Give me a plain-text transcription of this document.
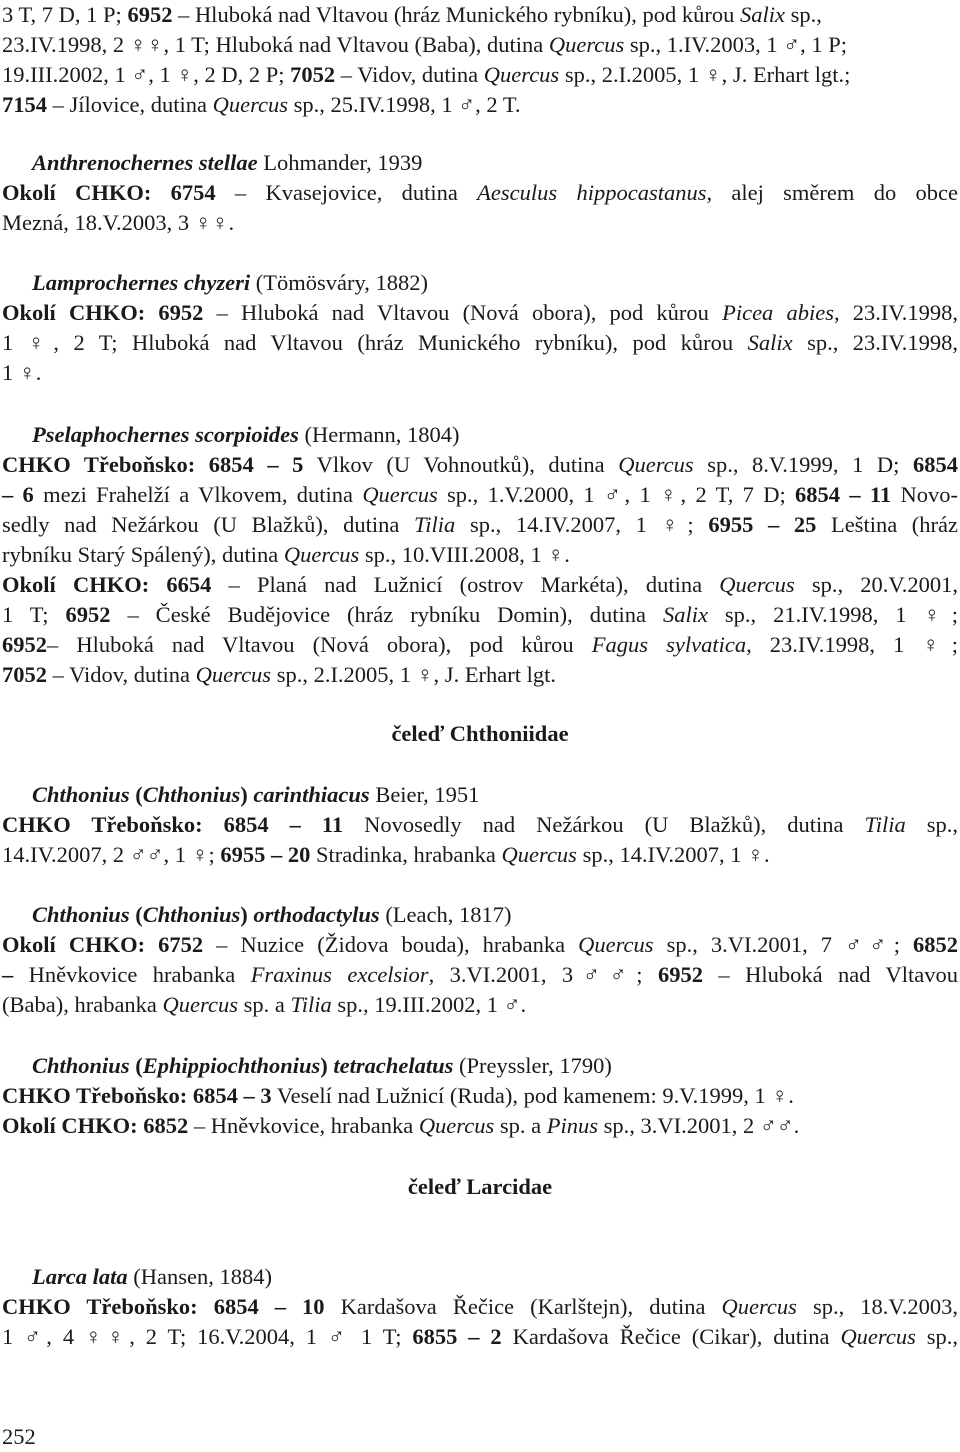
3 T, 7 D, 1 P; 6952 – Hluboká nad Vltavou (hráz Munického rybníku), pod kůrou Salix sp.,
23.IV.1998, 2 ♀♀, 1 T; Hluboká nad Vltavou (Baba), dutina Quercus sp., 1.IV.2003, 1 ♂, 1 P;
19.III.2002, 1 ♂, 1 ♀, 2 D, 2 P; 7052 – Vidov, dutina Quercus sp., 2.I.2005, 1 ♀, J. Erhart lgt.;
7154 – Jílovice, dutina Quercus sp., 25.IV.1998, 1 ♂, 2 T.
Anthrenochernes stellae Lohmander, 1939
Okolí CHKO: 6754 – Kvasejovice, dutina Aesculus hippocastanus, alej směrem do obce
Mezná, 18.V.2003, 3 ♀♀.
Lamprochernes chyzeri (Tömösváry, 1882)
Okolí CHKO: 6952 – Hluboká nad Vltavou (Nová obora), pod kůrou Picea abies, 23.IV.1998,
1 ♀, 2 T; Hluboká nad Vltavou (hráz Munického rybníku), pod kůrou Salix sp., 23.IV.1998,
1 ♀.
Pselaphochernes scorpioides (Hermann, 1804)
CHKO Třeboňsko: 6854 – 5 Vlkov (U Vohnoutků), dutina Quercus sp., 8.V.1999, 1 D; 6854
– 6 mezi Frahelží a Vlkovem, dutina Quercus sp., 1.V.2000, 1 ♂, 1 ♀, 2 T, 7 D; 6854 – 11 Novo-
sedly nad Nežárkou (U Blažků), dutina Tilia sp., 14.IV.2007, 1 ♀; 6955 – 25 Leština (hráz
rybníku Starý Spálený), dutina Quercus sp., 10.VIII.2008, 1 ♀.
Okolí CHKO: 6654 – Planá nad Lužnicí (ostrov Markéta), dutina Quercus sp., 20.V.2001,
1 T; 6952 – České Budějovice (hráz rybníku Domin), dutina Salix sp., 21.IV.1998, 1 ♀;
6952– Hluboká nad Vltavou (Nová obora), pod kůrou Fagus sylvatica, 23.IV.1998, 1 ♀;
7052 – Vidov, dutina Quercus sp., 2.I.2005, 1 ♀, J. Erhart lgt.
Chthonius (Chthonius) carinthiacus Beier, 1951
CHKO Třeboňsko: 6854 – 11 Novosedly nad Nežárkou (U Blažků), dutina Tilia sp.,
14.IV.2007, 2 ♂♂, 1 ♀; 6955 – 20 Stradinka, hrabanka Quercus sp., 14.IV.2007, 1 ♀.
Chthonius (Chthonius) orthodactylus (Leach, 1817)
Okolí CHKO: 6752 – Nuzice (Židova bouda), hrabanka Quercus sp., 3.VI.2001, 7 ♂♂; 6852
– Hněvkovice hrabanka Fraxinus excelsior, 3.VI.2001, 3♂♂; 6952 – Hluboká nad Vltavou
(Baba), hrabanka Quercus sp. a Tilia sp., 19.III.2002, 1 ♂.
Chthonius (Ephippiochthonius) tetrachelatus (Preyssler, 1790)
CHKO Třeboňsko: 6854 – 3 Veselí nad Lužnicí (Ruda), pod kamenem: 9.V.1999, 1 ♀.
Okolí CHKO: 6852 – Hněvkovice, hrabanka Quercus sp. a Pinus sp., 3.VI.2001, 2 ♂♂.
Larca lata (Hansen, 1884)
CHKO Třeboňsko: 6854 – 10 Kardašova Řečice (Karlštejn), dutina Quercus sp., 18.V.2003,
1 ♂, 4 ♀♀, 2 T; 16.V.2004, 1 ♂ 1 T; 6855 – 2 Kardašova Řečice (Cikar), dutina Quercus sp.,
čeleď Chthoniidae
čeleď Larcidae
252
